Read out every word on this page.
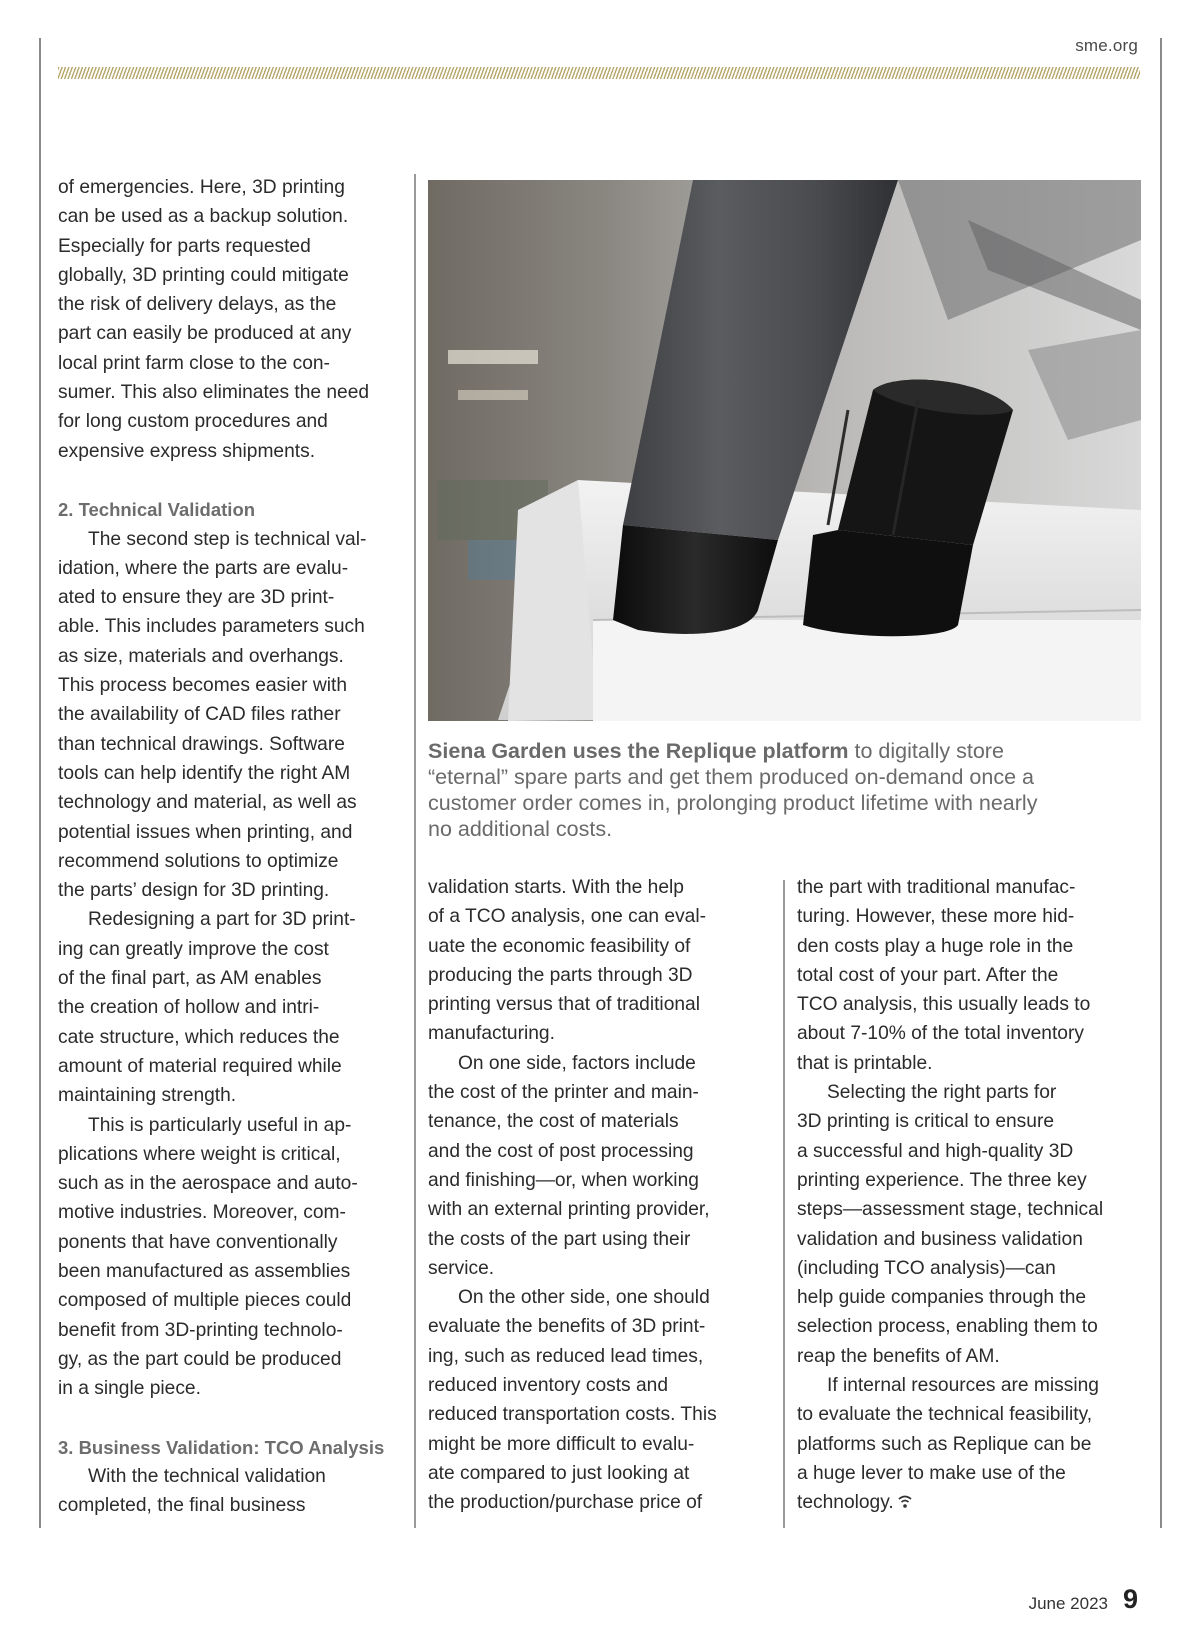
sme.org

of emergencies. Here, 3D printing

can be used as a backup solution.

Especially for parts requested

globally, 3D printing could mitigate

the risk of delivery delays, as the

part can easily be produced at any

local print farm close to the con-

sumer. This also eliminates the need

for long custom procedures and

expensive express shipments.

2. Technical Validation

The second step is technical val-

idation, where the parts are evalu-

ated to ensure they are 3D print-

able. This includes parameters such

as size, materials and overhangs.

This process becomes easier with

the availability of CAD files rather

than technical drawings. Software

tools can help identify the right AM

technology and material, as well as

potential issues when printing, and

recommend solutions to optimize

the parts’ design for 3D printing.

Redesigning a part for 3D print-

ing can greatly improve the cost

of the final part, as AM enables

the creation of hollow and intri-

cate structure, which reduces the

amount of material required while

maintaining strength.

This is particularly useful in ap-

plications where weight is critical,

such as in the aerospace and auto-

motive industries. Moreover, com-

ponents that have conventionally

been manufactured as assemblies

composed of multiple pieces could

benefit from 3D-printing technolo-

gy, as the part could be produced

in a single piece.

3. Business Validation: TCO Analysis

With the technical validation

completed, the final business

Siena Garden uses the Replique platform to digitally store

“eternal” spare parts and get them produced on-demand once a

customer order comes in, prolonging product lifetime with nearly

no additional costs.

validation starts. With the help

of a TCO analysis, one can eval-

uate the economic feasibility of

producing the parts through 3D

printing versus that of traditional

manufacturing.

On one side, factors include

the cost of the printer and main-

tenance, the cost of materials

and the cost of post processing

and finishing—or, when working

with an external printing provider,

the costs of the part using their

service.

On the other side, one should

evaluate the benefits of 3D print-

ing, such as reduced lead times,

reduced inventory costs and

reduced transportation costs. This

might be more difficult to evalu-

ate compared to just looking at

the production/purchase price of

the part with traditional manufac-

turing. However, these more hid-

den costs play a huge role in the

total cost of your part. After the

TCO analysis, this usually leads to

about 7-10% of the total inventory

that is printable.

Selecting the right parts for

3D printing is critical to ensure

a successful and high-quality 3D

printing experience. The three key

steps—assessment stage, technical

validation and business validation

(including TCO analysis)—can

help guide companies through the

selection process, enabling them to

reap the benefits of AM.

If internal resources are missing

to evaluate the technical feasibility,

platforms such as Replique can be

a huge lever to make use of the

technology.

June 2023 9
